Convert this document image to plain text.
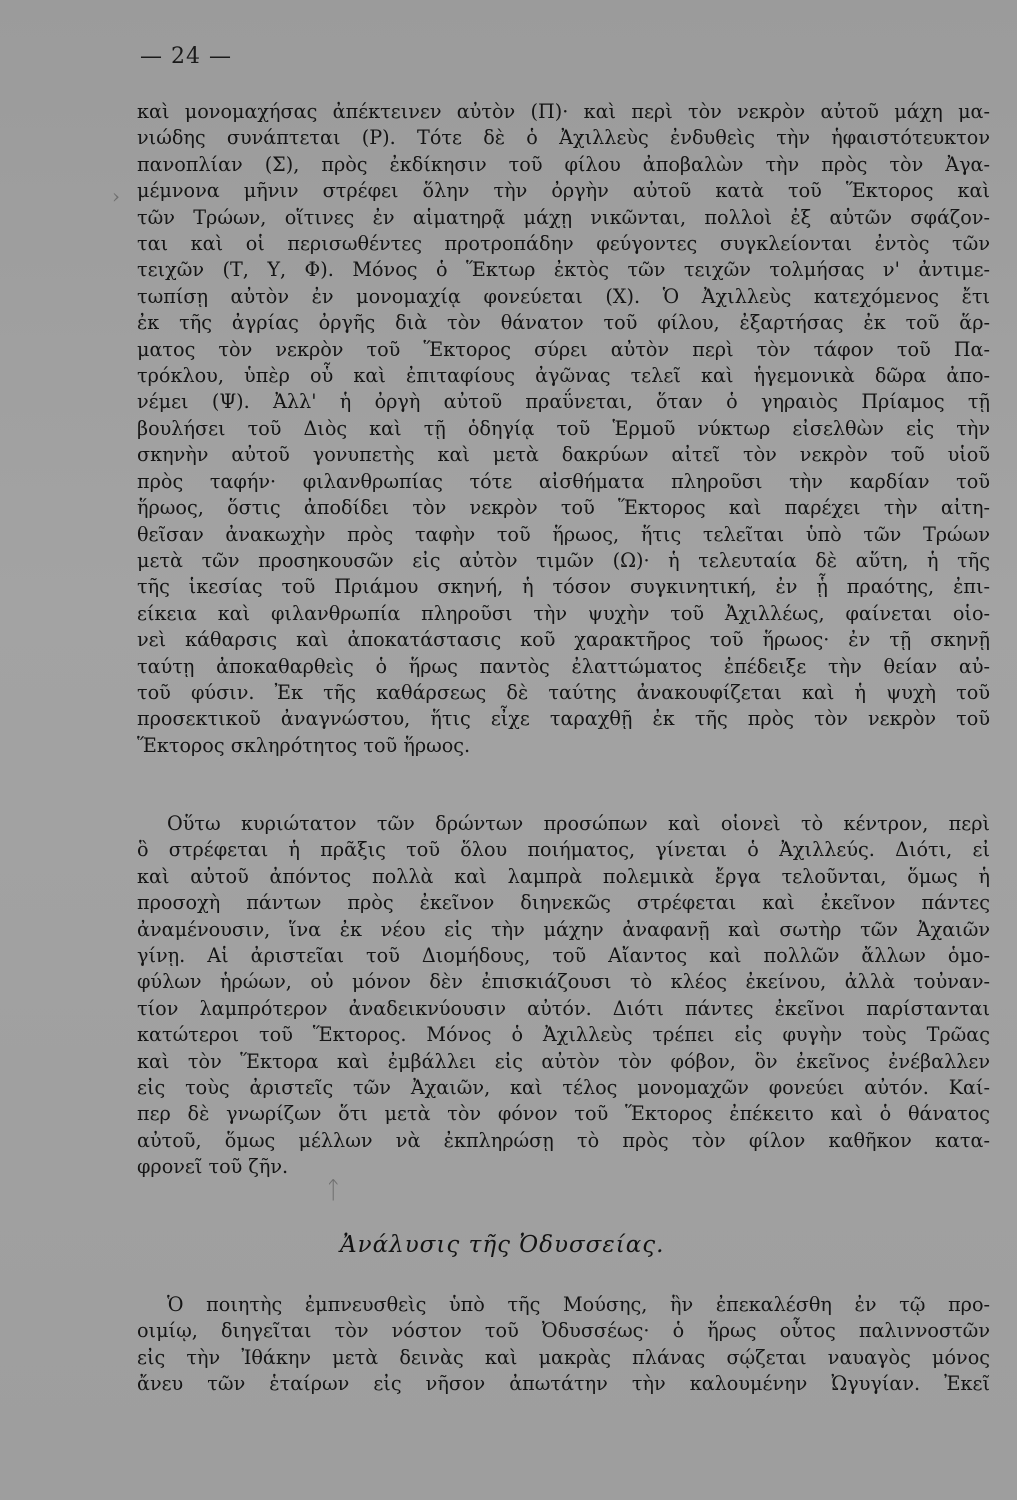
— 24 —

καὶ μονομαχήσας ἀπέκτεινεν αὐτὸν (Π)· καὶ περὶ τὸν νεκρὸν αὐτοῦ μάχη μα-

νιώδης συνάπτεται (Ρ). Τότε δὲ ὁ Ἀχιλλεὺς ἐνδυθεὶς τὴν ἡφαιστότευκτον

πανοπλίαν (Σ), πρὸς ἐκδίκησιν τοῦ φίλου ἀποβαλὼν τὴν πρὸς τὸν Ἀγα-

μέμνονα μῆνιν στρέφει ὅλην τὴν ὀργὴν αὐτοῦ κατὰ τοῦ Ἕκτορος καὶ

τῶν Τρώων, οἵτινες ἐν αἱματηρᾷ μάχῃ νικῶνται, πολλοὶ ἐξ αὐτῶν σφάζον-

ται καὶ οἱ περισωθέντες προτροπάδην φεύγοντες συγκλείονται ἐντὸς τῶν

τειχῶν (Τ, Υ, Φ). Μόνος ὁ Ἕκτωρ ἐκτὸς τῶν τειχῶν τολμήσας ν' ἀντιμε-

τωπίσῃ αὐτὸν ἐν μονομαχίᾳ φονεύεται (Χ). Ὁ Ἀχιλλεὺς κατεχόμενος ἔτι

ἐκ τῆς ἀγρίας ὀργῆς διὰ τὸν θάνατον τοῦ φίλου, ἐξαρτήσας ἐκ τοῦ ἅρ-

ματος τὸν νεκρὸν τοῦ Ἕκτορος σύρει αὐτὸν περὶ τὸν τάφον τοῦ Πα-

τρόκλου, ὑπὲρ οὗ καὶ ἐπιταφίους ἀγῶνας τελεῖ καὶ ἡγεμονικὰ δῶρα ἀπο-

νέμει (Ψ). Ἀλλ' ἡ ὀργὴ αὐτοῦ πραΰνεται, ὅταν ὁ γηραιὸς Πρίαμος τῇ

βουλήσει τοῦ Διὸς καὶ τῇ ὁδηγίᾳ τοῦ Ἑρμοῦ νύκτωρ εἰσελθὼν εἰς τὴν

σκηνὴν αὐτοῦ γονυπετὴς καὶ μετὰ δακρύων αἰτεῖ τὸν νεκρὸν τοῦ υἱοῦ

πρὸς ταφήν· φιλανθρωπίας τότε αἰσθήματα πληροῦσι τὴν καρδίαν τοῦ

ἥρωος, ὅστις ἀποδίδει τὸν νεκρὸν τοῦ Ἕκτορος καὶ παρέχει τὴν αἰτη-

θεῖσαν ἀνακωχὴν πρὸς ταφὴν τοῦ ἥρωος, ἥτις τελεῖται ὑπὸ τῶν Τρώων

μετὰ τῶν προσηκουσῶν εἰς αὐτὸν τιμῶν (Ω)· ἡ τελευταία δὲ αὕτη, ἡ τῆς

τῆς ἱκεσίας τοῦ Πριάμου σκηνή, ἡ τόσον συγκινητική, ἐν ᾗ πραότης, ἐπι-

είκεια καὶ φιλανθρωπία πληροῦσι τὴν ψυχὴν τοῦ Ἀχιλλέως, φαίνεται οἱο-

νεὶ κάθαρσις καὶ ἀποκατάστασις κοῦ χαρακτῆρος τοῦ ἥρωος· ἐν τῇ σκηνῇ

ταύτῃ ἀποκαθαρθεὶς ὁ ἥρως παντὸς ἐλαττώματος ἐπέδειξε τὴν θείαν αὐ-

τοῦ φύσιν. Ἐκ τῆς καθάρσεως δὲ ταύτης ἀνακουφίζεται καὶ ἡ ψυχὴ τοῦ

προσεκτικοῦ ἀναγνώστου, ἥτις εἶχε ταραχθῇ ἐκ τῆς πρὸς τὸν νεκρὸν τοῦ

Ἕκτορος σκληρότητος τοῦ ἥρωος.

Οὕτω κυριώτατον τῶν δρώντων προσώπων καὶ οἱονεὶ τὸ κέντρον, περὶ

ὃ στρέφεται ἡ πρᾶξις τοῦ ὅλου ποιήματος, γίνεται ὁ Ἀχιλλεύς. Διότι, εἰ

καὶ αὐτοῦ ἀπόντος πολλὰ καὶ λαμπρὰ πολεμικὰ ἔργα τελοῦνται, ὅμως ἡ

προσοχὴ πάντων πρὸς ἐκεῖνον διηνεκῶς στρέφεται καὶ ἐκεῖνον πάντες

ἀναμένουσιν, ἵνα ἐκ νέου εἰς τὴν μάχην ἀναφανῇ καὶ σωτὴρ τῶν Ἀχαιῶν

γίνῃ. Αἱ ἀριστεῖαι τοῦ Διομήδους, τοῦ Αἴαντος καὶ πολλῶν ἄλλων ὁμο-

φύλων ἡρώων, οὐ μόνον δὲν ἐπισκιάζουσι τὸ κλέος ἐκείνου, ἀλλὰ τοὐναν-

τίον λαμπρότερον ἀναδεικνύουσιν αὐτόν. Διότι πάντες ἐκεῖνοι παρίστανται

κατώτεροι τοῦ Ἕκτορος. Μόνος ὁ Ἀχιλλεὺς τρέπει εἰς φυγὴν τοὺς Τρῶας

καὶ τὸν Ἕκτορα καὶ ἐμβάλλει εἰς αὐτὸν τὸν φόβον, ὃν ἐκεῖνος ἐνέβαλλεν

εἰς τοὺς ἀριστεῖς τῶν Ἀχαιῶν, καὶ τέλος μονομαχῶν φονεύει αὐτόν. Καί-

περ δὲ γνωρίζων ὅτι μετὰ τὸν φόνον τοῦ Ἕκτορος ἐπέκειτο καὶ ὁ θάνατος

αὐτοῦ, ὅμως μέλλων νὰ ἐκπληρώσῃ τὸ πρὸς τὸν φίλον καθῆκον κατα-

φρονεῖ τοῦ ζῆν.

Ἀνάλυσις τῆς Ὀδυσσείας.

Ὁ ποιητὴς ἐμπνευσθεὶς ὑπὸ τῆς Μούσης, ἣν ἐπεκαλέσθη ἐν τῷ προ-

οιμίῳ, διηγεῖται τὸν νόστον τοῦ Ὀδυσσέως· ὁ ἥρως οὗτος παλιννοστῶν

εἰς τὴν Ἰθάκην μετὰ δεινὰς καὶ μακρὰς πλάνας σῴζεται ναυαγὸς μόνος

ἄνευ τῶν ἑταίρων εἰς νῆσον ἀπωτάτην τὴν καλουμένην Ὠγυγίαν. Ἐκεῖ

›
ᛏ
